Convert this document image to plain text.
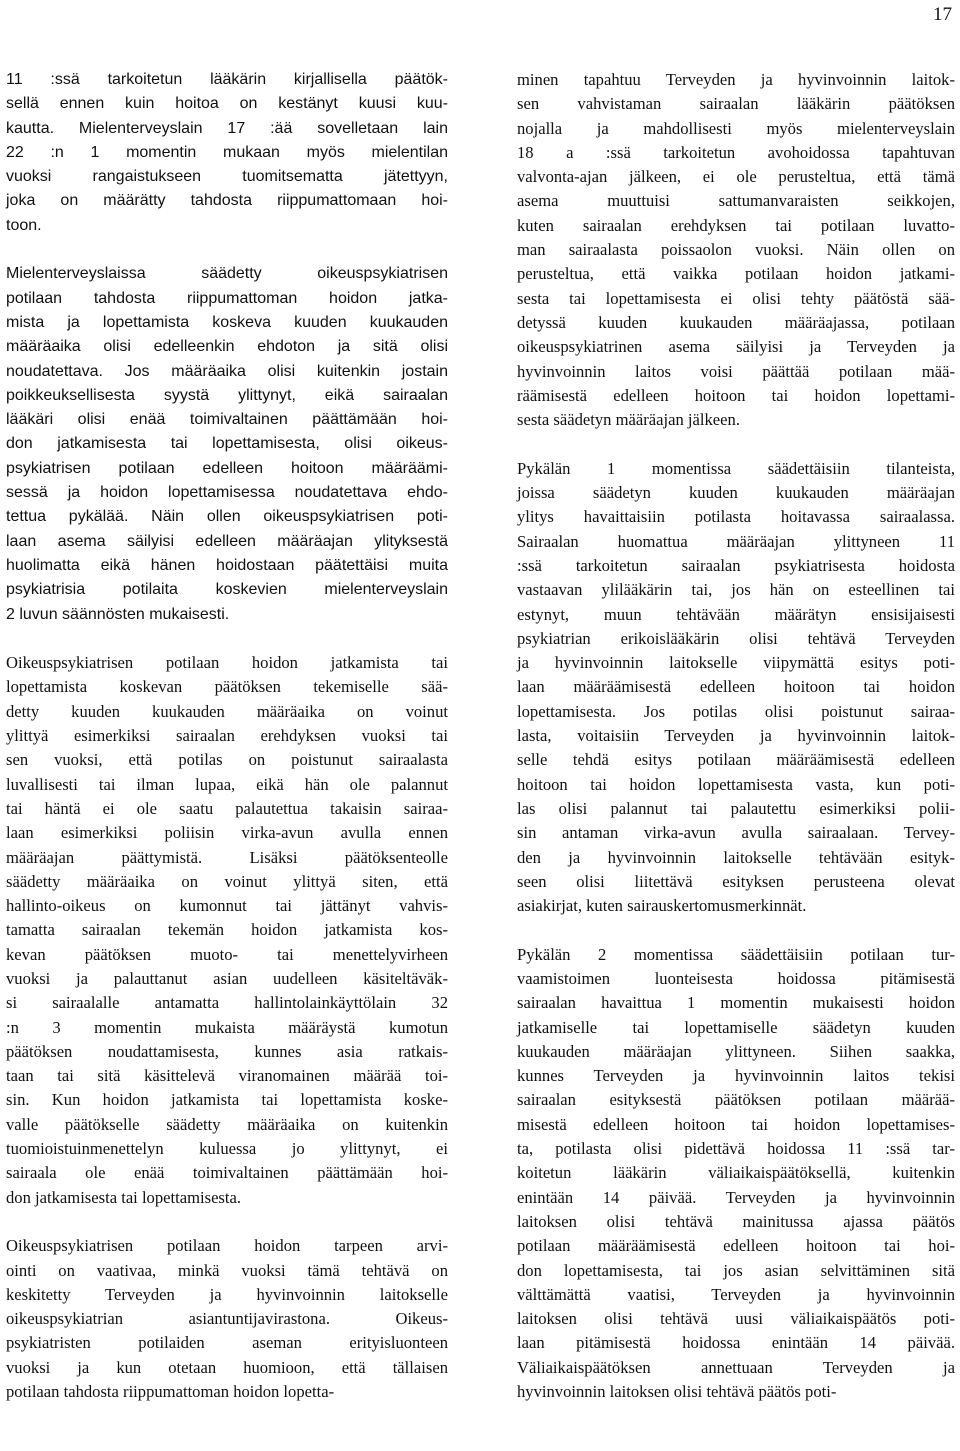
17
11 :ssä tarkoitetun lääkärin kirjallisella päätök-
sellä ennen kuin hoitoa on kestänyt kuusi kuu-
kautta. Mielenterveyslain 17 :ää sovelletaan lain
22 :n 1 momentin mukaan myös mielentilan
vuoksi rangaistukseen tuomitsematta jätettyyn,
joka on määrätty tahdosta riippumattomaan hoi-
toon.
Mielenterveyslaissa säädetty oikeuspsykiatrisen
potilaan tahdosta riippumattoman hoidon jatka-
mista ja lopettamista koskeva kuuden kuukauden
määräaika olisi edelleenkin ehdoton ja sitä olisi
noudatettava. Jos määräaika olisi kuitenkin jostain
poikkeuksellisesta syystä ylittynyt, eikä sairaalan
lääkäri olisi enää toimivaltainen päättämään hoi-
don jatkamisesta tai lopettamisesta, olisi oikeus-
psykiatrisen potilaan edelleen hoitoon määräämi-
sessä ja hoidon lopettamisessa noudatettava ehdo-
tettua pykälää. Näin ollen oikeuspsykiatrisen poti-
laan asema säilyisi edelleen määräajan ylityksestä
huolimatta eikä hänen hoidostaan päätettäisi muita
psykiatrisia potilaita koskevien mielenterveyslain
2 luvun säännösten mukaisesti.
Oikeuspsykiatrisen potilaan hoidon jatkamista tai
lopettamista koskevan päätöksen tekemiselle sää-
detty kuuden kuukauden määräaika on voinut
ylittyä esimerkiksi sairaalan erehdyksen vuoksi tai
sen vuoksi, että potilas on poistunut sairaalasta
luvallisesti tai ilman lupaa, eikä hän ole palannut
tai häntä ei ole saatu palautettua takaisin sairaa-
laan esimerkiksi poliisin virka-avun avulla ennen
määräajan päättymistä. Lisäksi päätöksenteolle
säädetty määräaika on voinut ylittyä siten, että
hallinto-oikeus on kumonnut tai jättänyt vahvis-
tamatta sairaalan tekemän hoidon jatkamista kos-
kevan päätöksen muoto- tai menettelyvirheen
vuoksi ja palauttanut asian uudelleen käsiteltäväk-
si sairaalalle antamatta hallintolainkäyttölain 32
:n 3 momentin mukaista määräystä kumotun
päätöksen noudattamisesta, kunnes asia ratkais-
taan tai sitä käsittelevä viranomainen määrää toi-
sin. Kun hoidon jatkamista tai lopettamista koske-
valle päätökselle säädetty määräaika on kuitenkin
tuomioistuinmenettelyn kuluessa jo ylittynyt, ei
sairaala ole enää toimivaltainen päättämään hoi-
don jatkamisesta tai lopettamisesta.
Oikeuspsykiatrisen potilaan hoidon tarpeen arvi-
ointi on vaativaa, minkä vuoksi tämä tehtävä on
keskitetty Terveyden ja hyvinvoinnin laitokselle
oikeuspsykiatrian asiantuntijavirastona. Oikeus-
psykiatristen potilaiden aseman erityisluonteen
vuoksi ja kun otetaan huomioon, että tällaisen
potilaan tahdosta riippumattoman hoidon lopetta-
minen tapahtuu Terveyden ja hyvinvoinnin laitok-
sen vahvistaman sairaalan lääkärin päätöksen
nojalla ja mahdollisesti myös mielenterveyslain
18 a :ssä tarkoitetun avohoidossa tapahtuvan
valvonta-ajan jälkeen, ei ole perusteltua, että tämä
asema muuttuisi sattumanvaraisten seikkojen,
kuten sairaalan erehdyksen tai potilaan luvatto-
man sairaalasta poissaolon vuoksi. Näin ollen on
perusteltua, että vaikka potilaan hoidon jatkami-
sesta tai lopettamisesta ei olisi tehty päätöstä sää-
detyssä kuuden kuukauden määräajassa, potilaan
oikeuspsykiatrinen asema säilyisi ja Terveyden ja
hyvinvoinnin laitos voisi päättää potilaan mää-
räämisestä edelleen hoitoon tai hoidon lopettami-
sesta säädetyn määräajan jälkeen.
Pykälän 1 momentissa säädettäisiin tilanteista,
joissa säädetyn kuuden kuukauden määräajan
ylitys havaittaisiin potilasta hoitavassa sairaalassa.
Sairaalan huomattua määräajan ylittyneen 11
:ssä tarkoitetun sairaalan psykiatrisesta hoidosta
vastaavan ylilääkärin tai, jos hän on esteellinen tai
estynyt, muun tehtävään määrätyn ensisijaisesti
psykiatrian erikoislääkärin olisi tehtävä Terveyden
ja hyvinvoinnin laitokselle viipymättä esitys poti-
laan määräämisestä edelleen hoitoon tai hoidon
lopettamisesta. Jos potilas olisi poistunut sairaa-
lasta, voitaisiin Terveyden ja hyvinvoinnin laitok-
selle tehdä esitys potilaan määräämisestä edelleen
hoitoon tai hoidon lopettamisesta vasta, kun poti-
las olisi palannut tai palautettu esimerkiksi polii-
sin antaman virka-avun avulla sairaalaan. Tervey-
den ja hyvinvoinnin laitokselle tehtävään esityk-
seen olisi liitettävä esityksen perusteena olevat
asiakirjat, kuten sairauskertomusmerkinnät.
Pykälän 2 momentissa säädettäisiin potilaan tur-
vaamistoimen luonteisesta hoidossa pitämisestä
sairaalan havaittua 1 momentin mukaisesti hoidon
jatkamiselle tai lopettamiselle säädetyn kuuden
kuukauden määräajan ylittyneen. Siihen saakka,
kunnes Terveyden ja hyvinvoinnin laitos tekisi
sairaalan esityksestä päätöksen potilaan määrää-
misestä edelleen hoitoon tai hoidon lopettamises-
ta, potilasta olisi pidettävä hoidossa 11 :ssä tar-
koitetun lääkärin väliaikaispäätöksellä, kuitenkin
enintään 14 päivää. Terveyden ja hyvinvoinnin
laitoksen olisi tehtävä mainitussa ajassa päätös
potilaan määräämisestä edelleen hoitoon tai hoi-
don lopettamisesta, tai jos asian selvittäminen sitä
välttämättä vaatisi, Terveyden ja hyvinvoinnin
laitoksen olisi tehtävä uusi väliaikaispäätös poti-
laan pitämisestä hoidossa enintään 14 päivää.
Väliaikaispäätöksen annettuaan Terveyden ja
hyvinvoinnin laitoksen olisi tehtävä päätös poti-
